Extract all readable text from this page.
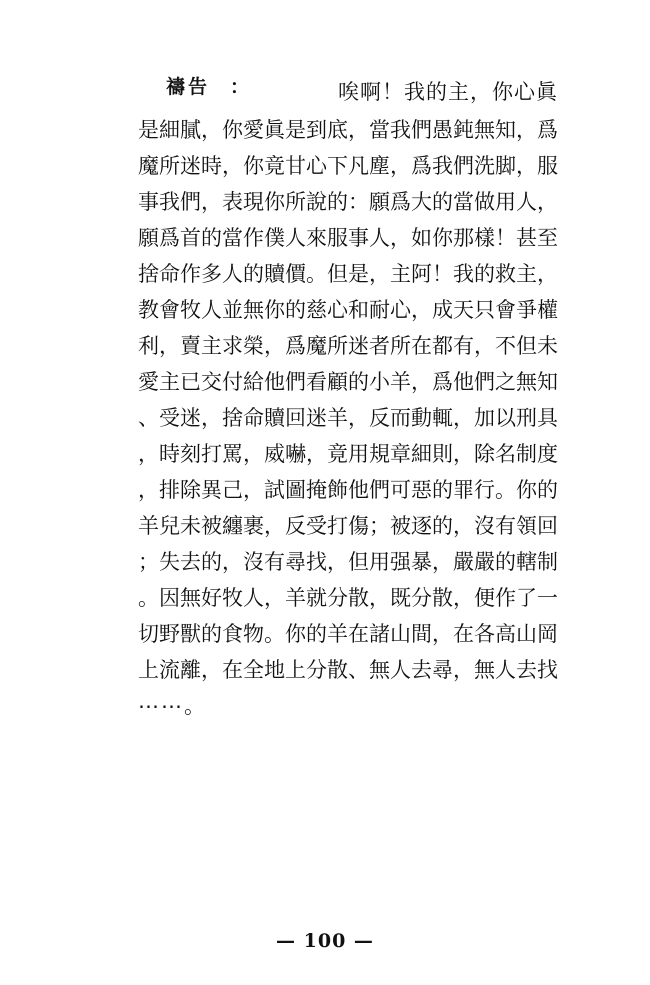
禱告 ：	唉啊！我的主，你心眞
是細膩，你愛眞是到底，當我們愚鈍無知，爲
魔所迷時，你竟甘心下凡塵，爲我們洗脚，服
事我們，表現你所說的：願爲大的當做用人，
願爲首的當作僕人來服事人，如你那樣！甚至
捨命作多人的贖價。但是，主阿！我的救主，
教會牧人並無你的慈心和耐心，成天只會爭權
利，賣主求榮，爲魔所迷者所在都有，不但未
愛主已交付給他們看顧的小羊，爲他們之無知
、受迷，捨命贖回迷羊，反而動輒，加以刑具
，時刻打罵，威嚇，竟用規章細則，除名制度
，排除異己，試圖掩飾他們可惡的罪行。你的
羊兒未被纏裹，反受打傷；被逐的，沒有領回
；失去的，沒有尋找，但用强暴，嚴嚴的轄制
。因無好牧人，羊就分散，既分散，便作了一
切野獸的食物。你的羊在諸山間，在各高山岡
上流離，在全地上分散、無人去尋，無人去找
⋯⋯。
— 100 —
